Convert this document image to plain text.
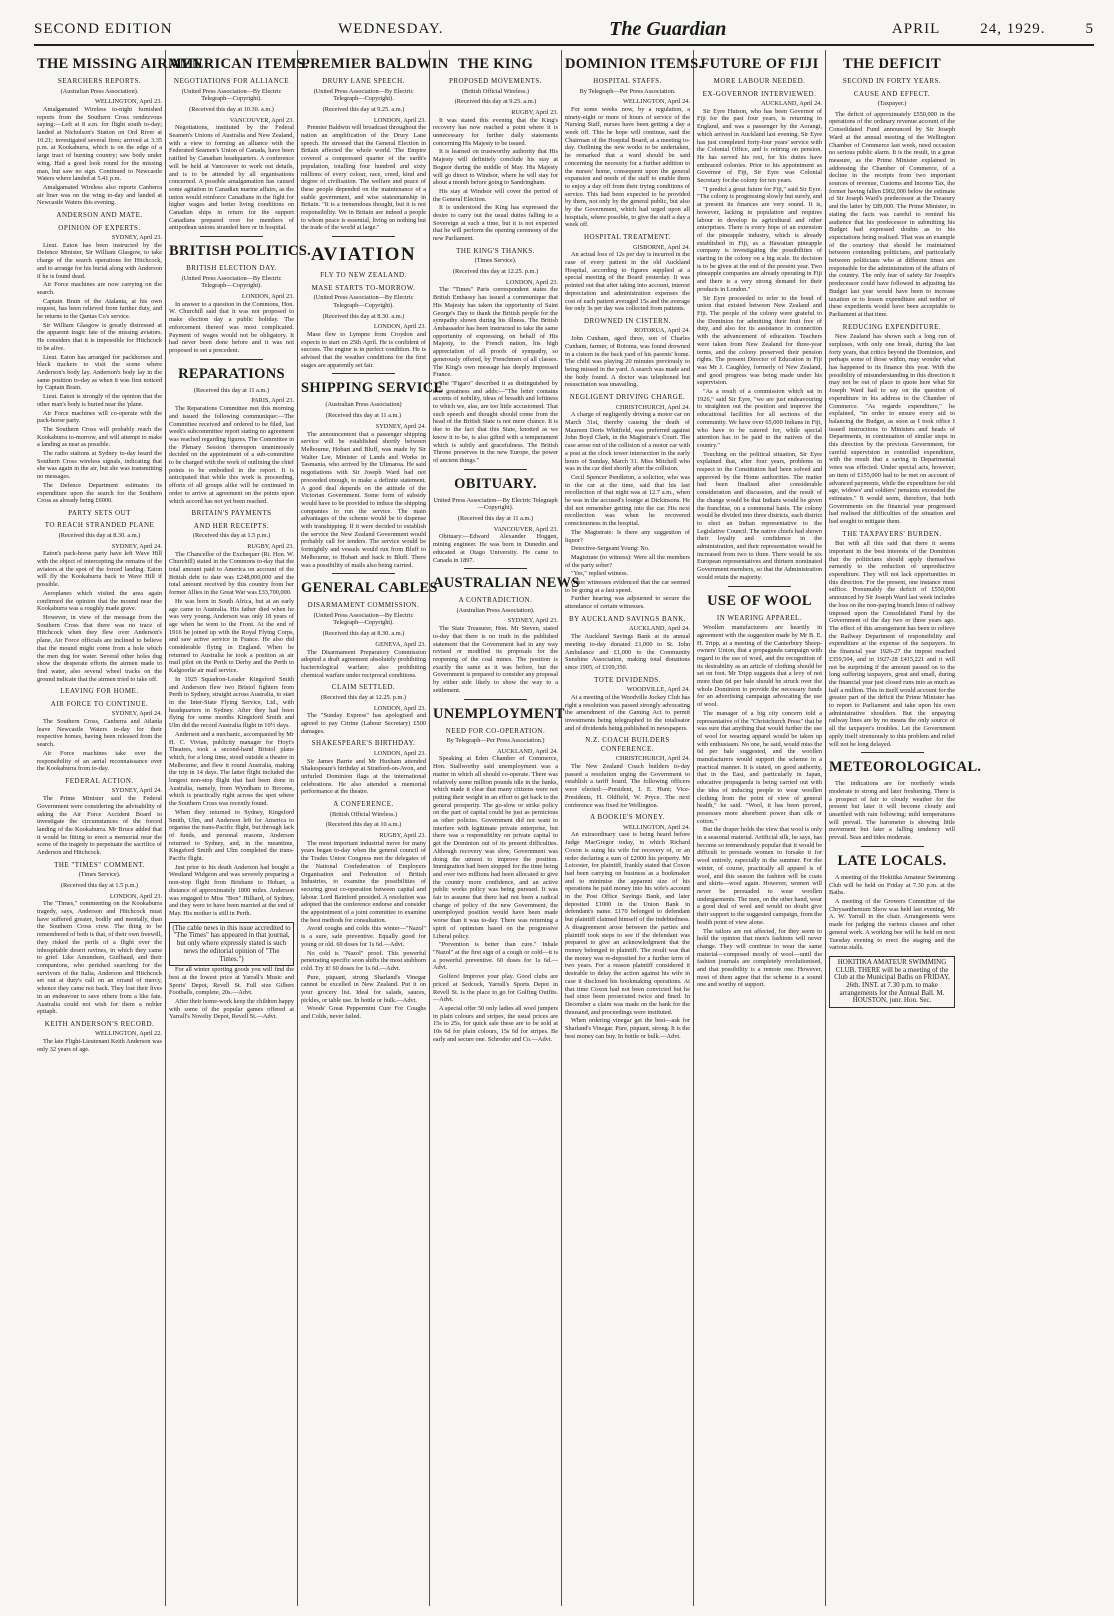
SECOND EDITION	WEDNESDAY.	The Guardian	APRIL	24, 1929.	5
THE MISSING AIRMEN
SEARCHERS REPORTS.
(Australian Press Association).
WELLINGTON, April 23.
Amalgamated Wireless to-night furnished reports from the Southern Cross rendezvous saying:—Left at 8 a.m. for flight south to-day; landed at Nicholson's Station on Ord River at 10.21; investigated several fires; arrived at 3.35 p.m. at Kookaburra, which is on the edge of a large tract of burning country; saw body under wing. Had a good look round for the missing man, but saw no sign. Continued to Newcastle Waters where landed at 5.41 p.m.
Amalgamated Wireless also reports Canberra air liner was on the wing to-day and landed at Newcastle Waters this evening.
ANDERSON AND MATE.
OPINION OF EXPERTS.
SYDNEY, April 23.
Lieut. Eaton has been instructed by the Defence Minister, Sir William Glasgow, to take charge of the search operations for Hitchcock, and to arrange for his burial along with Anderson if he is found dead.
Air Force machines are now carrying on the search.
Captain Brain of the Atalanta, at his own request, has been relieved from further duty, and he returns to the Qantas Co's service.
Sir William Glasgow is greatly distressed at the apparent tragic fate of the missing aviators. He considers that it is impossible for Hitchcock to be alive.
Lieut. Eaton has arranged for packhorses and black trackers to visit the scene where Anderson's body lay. Anderson's body lay in the same position to-day as when it was first noticed by Captain Brain.
Lieut. Eaton is strongly of the opinion that the other man's body is buried near the 'plane.
Air Force machines will co-operate with the pack-horse party.
The Southern Cross will probably reach the Kookaburra to-morrow, and will attempt to make a landing as near as possible.
The radio stations at Sydney to-day heard the Southern Cross wireless signals, indicating that she was again in the air, but she was transmitting no messages.
The Defence Department estimates its expenditure upon the search for the Southern Cross as already being £6000.
PARTY SETS OUT
TO REACH STRANDED PLANE
(Received this day at 8.30. a.m.)
SYDNEY, April 24.
Eaton's pack-horse party have left Wave Hill with the object of intercepting the remains of the aviators at the spot of the forced landing. Eaton will fly the Kookaburra back to Wave Hill if possible.
Aeroplanes which visited the area again confirmed the opinion that the mound near the Kookaburra was a roughly made grave.
However, in view of the message from the Southern Cross that there was no trace of Hitchcock when they flew over Anderson's plane, Air Force officials are inclined to believe that the mound might come from a hole which the men dug for water. Several other holes dug show the desperate efforts the airmen made to find water, also several wheel tracks on the ground indicate that the airmen tried to take off.
LEAVING FOR HOME.
AIR FORCE TO CONTINUE.
SYDNEY, April 24.
The Southern Cross, Canberra and Atlanta leave Newcastle Waters to-day for their respective homes, having been released from the search.
Air Force machines take over the responsibility of an aerial reconnaissance over the Kookaburra from to-day.
FEDERAL ACTION.
SYDNEY, April 24.
The Prime Minister said the Federal Government were considering the advisability of asking the Air Force Accident Board to investigate the circumstances of the forced landing of the Kookaburra. Mr Bruce added that it would be fitting to erect a memorial near the scene of the tragedy to perpetuate the sacrifice of Anderson and Hitchcock.
THE "TIMES" COMMENT.
(Times Service).
(Received this day at 1.5 p.m.)
LONDON, April 23.
The "Times," commenting on the Kookaburra tragedy, says, Anderson and Hitchcock must have suffered greater, bodily and mentally, than the Southern Cross crew. The thing to be remembered of both is that, of their own freewill, they risked the perils of a flight over the inhospitable desert ravines, in which they came to grief. Like Amundsen, Guilbaud, and their companions, who perished searching for the survivors of the Italia, Anderson and Hitchcock set out at duty's call on an errand of mercy, whence they came not back. They lost their lives in an endeavour to save others from a like fate. Australia could not wish for them a nobler epitaph.
KEITH ANDERSON'S RECORD.
WELLINGTON, April 22.
The late Flight-Lieutenant Keith Anderson was only 32 years of age.
AMERICAN ITEMS.
NEGOTIATIONS FOR ALLIANCE
(United Press Association—By Electric Telegraph—Copyright).
(Received this day at 10.30. a.m.)
VANCOUVER, April 23.
Negotiations, instituted by the Federal Seamen's Unions of Australia and New Zealand, with a view to forming an alliance with the Federated Seamen's Union of Canada, have been ratified by Canadian headquarters. A conference will be held at Vancouver to work out details, and is to be attended by all organisations concerned. A possible amalgamation has caused some agitation in Canadian marine affairs, as the union would reinforce Canadians in the fight for higher wages and better living conditions on Canadian ships in return for the support Canadians prepared over for members of antipodean unions stranded here or in hospital.
BRITISH POLITICS.
BRITISH ELECTION DAY.
(United Press Association—By Electric Telegraph—Copyright).
LONDON, April 23.
In answer to a question in the Commons, Hon. W. Churchill said that it was not proposed to make election day a public holiday. The enforcement thereof was most complicated. Payment of wages would not be obligatory. It had never been done before and it was not proposed to set a precedent.
REPARATIONS
(Received this day at 11 a.m.)
PARIS, April 23.
The Reparations Committee met this morning and issued the following communique:—The Committee received and ordered to be filed, last week's subcommittee report stating no agreement was reached regarding figures. The Committee in the Plenary Session thereupon unanimously decided on the appointment of a sub-committee to be charged with the work of outlining the chief points to be embodied in the report. It is anticipated that while this work is proceeding, efforts of all groups alike will be continued in order to arrive at agreement on the points upon which accord has not yet been reached.
BRITAIN'S PAYMENTS
AND HER RECEIPTS.
(Received this day at 1.5 p.m.)
RUGBY, April 23.
The Chancellor of the Exchequer (Rt. Hon. W. Churchill) stated in the Commons to-day that the total amount paid to America on account of the British debt to date was £248,000,000 and the total amount received by this country from her former Allies in the Great War was £33,700,000.
He was born in South Africa, but at an early age came to Australia. His father died when he was very young. Anderson was only 18 years of age when he went to the Front. At the end of 1916 he joined up with the Royal Flying Corps, and saw active service in France. He also did considerable flying in England. When he returned to Australia he took a position as air mail pilot on the Perth to Derby and the Perth to Kalgoorlie air mail service.
In 1925 Squadron-Leader Kingsford Smith and Anderson flew two Bristol fighters from Perth to Sydney, straight across Australia, to start in the Inter-State Flying Service, Ltd., with headquarters in Sydney. After they had been flying for some months Kingsford Smith and Ulm did the record Australia flight in 10½ days.
Anderson and a mechanic, accompanied by Mr H. C. Vivian, publicity manager for Hoyt's Theatres, took a second-hand Bristol plane which, for a long time, stood outside a theatre in Melbourne, and flew it round Australia, making the trip in 14 days. The latter flight included the longest non-stop flight that had been done in Australia, namely, from Wyndham to Broome, which is practically right across the spot where the Southern Cross was recently found.
When they returned to Sydney, Kingsford Smith, Ulm, and Anderson left for America to organise the trans-Pacific flight, but through lack of funds, and personal reasons, Anderson returned to Sydney, and, in the meantime, Kingsford Smith and Ulm completed the trans-Pacific flight.
Just prior to his death Anderson had bought a Westland Widgeon and was severely preparing a non-stop flight from Brisbane to Hobart, a distance of approximately 1800 miles. Anderson was engaged to Miss "Bon" Hilliard, of Sydney, and they were to have been married at the end of May. His mother is still in Perth.
(The cable news in this issue accredited to "The Times" has appeared in that journal, but only where expressly stated is such news the editorial opinion of "The Times.")
For all winter sporting goods you will find the best at the lowest price at Yarrall's Music and Sports' Depot, Revell St. Full size Gilbert Footballs, complete, 20s.—Advt.
After their home-work keep the children happy with some of the popular games offered at Yarrall's Novelty Depot, Revell St.—Advt.
PREMIER BALDWIN
DRURY LANE SPEECH.
(United Press Association—By Electric Telegraph—Copyright).
(Received this day at 9.25. a.m.)
LONDON, April 23.
Premier Baldwin will broadcast throughout the nation an amplification of the Drury Lane speech. He stressed that the General Election in Britain affected the whole world. The Empire covered a compressed quarter of the earth's population, totalling four hundred and sixty millions of every colour, race, creed, kind and degree of civilisation. The welfare and peace of these people depended on the maintenance of a stable government, and wise statesmanship in Britain. "It is a tremendous thought, but it is not responsibility. We in Britain are indeed a people to whom peace is essential, living on nothing but the trade of the world at large."
AVIATION
FLY TO NEW ZEALAND.
MASE STARTS TO-MORROW.
(United Press Association—By Electric Telegraph—Copyright).
(Received this day at 8.30. a.m.)
LONDON, April 23.
Mase flew to Lympne from Croydon and expects to start on 25th April. He is confident of success. The engine is in perfect condition. He is advised that the weather conditions for the first stages are apparently set fair.
SHIPPING SERVICE
(Australian Press Association)
(Received this day at 11 a.m.)
SYDNEY, April 24.
The announcement that a passenger shipping service will be established shortly between Melbourne, Hobart and Bluff, was made by Sir Walter Lee, Minister of Lands and Works in Tasmania, who arrived by the Ulimaroa. He said negotiations with Sir Joseph Ward had not proceeded enough, to make a definite statement. A good deal depends on the attitude of the Victorian Government. Some form of subsidy would have to be provided to induce the shipping companies to run the service. The main advantages of the scheme would be to dispense with transhipping. If it were decided to establish the service the New Zealand Government would probably call for tenders. The service would be fortnightly and vessels would run from Bluff to Melbourne, to Hobart and back to Bluff. There was a possibility of mails also being carried.
GENERAL CABLES
DISARMAMENT COMMISSION.
(United Press Association—By Electric Telegraph—Copyright).
(Received this day at 8.30. a.m.)
GENEVA, April 23.
The Disarmament Preparatory Commission adopted a draft agreement absolutely prohibiting bacteriological warfare; also prohibiting chemical warfare under reciprocal conditions.
CLAIM SETTLED.
(Received this day at 12.25. p.m.)
LONDON, April 23.
The "Sunday Express" has apologised and agreed to pay Citrine (Labour Secretary) £500 damages.
SHAKESPEARE'S BIRTHDAY.
LONDON, April 23.
Sir James Barrie and Mr Huxham attended Shakespeare's birthday at Stratford-on-Avon, and unfurled Dominion flags at the international celebrations. He also attended a memorial performance at the theatre.
A CONFERENCE.
(British Official Wireless.)
(Received this day at 10 a.m.)
RUGBY, April 23.
The most important industrial move for many years began to-day when the general council of the Trades Union Congress met the delegates of the National Confederation of Employers Organisation and Federation of British Industries, to examine the possibilities of securing great co-operation between capital and labour. Lord Bainford presided. A resolution was adopted that the conference endorse and consider the appointment of a joint committee to examine the best methods for consultation.
Avoid coughs and colds this winter—"Nazol" is a sure, safe preventive. Equally good for young or old. 60 doses for 1s 6d.—Advt.
No cold is "Nazol" proof. This powerful penetrating specific soon shifts the most stubborn cold. Try it! 60 doses for 1s 6d.—Advt.
Pure, piquant, strong Sharland's Vinegar cannot be excelled in New Zealand. Put it on your grocery list. Ideal for salads, sauces, pickles, or table use. In bottle or bulk.—Advt.
Woods' Great Peppermint Cure For Coughs and Colds, never failed.
THE KING
PROPOSED MOVEMENTS.
(British Official Wireless.)
(Received this day at 9.25. a.m.)
RUGBY, April 23.
It was stated this evening that the King's recovery has now reached a point where it is unnecessary for further daily statements concerning His Majesty to be issued.
It is learned on trustworthy authority that His Majesty will definitely conclude his stay at Bognor during the middle of May. His Majesty will go direct to Windsor, where he will stay for about a month before going to Sandringham.
His stay at Windsor will cover the period of the General Election.
It is understood the King has expressed the desire to carry out the usual duties falling to a Sovereign at such a time, but it is not expected that he will perform the opening ceremony of the new Parliament.
THE KING'S THANKS.
(Times Service).
(Received this day at 12.25. p.m.)
LONDON, April 23.
The "Times" Paris correspondent states the British Embassy has issued a communique that His Majesty has taken the opportunity of Saint George's Day to thank the British people for the sympathy shown during his illness. The British Ambassador has been instructed to take the same opportunity of expressing, on behalf of His Majesty, to the French nation, his high appreciation of all proofs of sympathy, so generously offered, by Frenchmen of all classes. The King's own message has deeply impressed France.
The "Figaro" described it as distinguished by true greatness and adds:—"The letter contains accents of nobility, ideas of breadth and loftiness to which we, alas, are too little accustomed. That such speech and thought should come from the head of the British State is not mere chance. It is due to the fact that this State, knotted as we know it to be, is also gifted with a temperament which is subtly and gracefulness. The British Throne preserves in the new Europe, the power of ancient things."
OBITUARY.
United Press Association—By Electric Telegraph—Copyright).
(Received this day at 11 a.m.)
VANCOUVER, April 23.
Obituary:—Edward Alexander Hoggen, mining engineer. He was born in Dunedin and educated at Otago University. He came to Canada in 1897.
AUSTRALIAN NEWS
A CONTRADICTION.
(Australian Press Association).
SYDNEY, April 23.
The State Treasurer, Hon. Mr Steven, stated to-day that there is no truth in the published statement that the Government had in any way revised or modified its proposals for the reopening of the coal mines. The position is exactly the same as it was before, but the Government is prepared to consider any proposal by either side likely to show the way to a settlement.
UNEMPLOYMENT
NEED FOR CO-OPERATION.
By Telegraph—Per Press Association.)
AUCKLAND, April 24.
Speaking at Eden Chamber of Commerce, Hon. Stallworthy said unemployment was a matter in which all should co-operate. There was relatively some million pounds idle in the banks, which made it clear that many citizens were not putting their weight in an effort to get back to the general prosperity. The go-slow or strike policy on the part of capital could be just as pernicious as other policies. Government did not want to interfere with legitimate private enterprise, but there was a responsibility on private capital to get the Dominion out of its present difficulties. Although recovery was slow, Government was doing the utmost to improve the position. Immigration had been stopped for the time being and over two millions had been allocated to give the country more confidence, and an active public works policy was being pursued. It was fair to assume that there had not been a radical change of policy of the new Government, the unemployed position would have been made worse than it was to-day. There was returning a spirit of optimism based on the progressive Liberal policy.
"Prevention is better than cure." Inhale "Nazol" at the first sign of a cough or cold—it is a powerful preventive. 60 doses for 1s 6d.—Advt.
Golfers! Improve your play. Good clubs are priced at Sedcock, Yarrall's Sports Depot in Revell St. is the place to go for Golfing Outfits.—Advt.
A special offer 50 only ladies all wool jumpers in plain colours and stripes, the usual prices are 15s to 25s, for quick sale these are to be sold at 10s 6d for plain colours, 15s 6d for stripes. Be early and secure one. Schroder and Co.—Advt.
DOMINION ITEMS.
HOSPITAL STAFFS.
By Telegraph—Per Press Association.
WELLINGTON, April 24.
For some weeks now, by a regulation, a ninety-eight or more of hours of service of the Nursing Staff, nurses have been getting a day a week off. This he hope will continue, said the Chairman of the Hospital Board, at a meeting to-day. Outlining the new works to be undertaken, he remarked that a ward should be said concerning the necessity for a further addition to the nurses' home, consequent upon the general expansion and needs of the staff to enable them to enjoy a day off from their trying conditions of service. This had been expected to be provided by them, not only by the general public, but also by the Government, which had urged upon all hospitals, where possible, to give the staff a day a week off.
HOSPITAL TREATMENT.
GISBORNE, April 24.
An actual loss of 12s per day is incurred in the case of every patient in the old Auckland Hospital, according to figures supplied at a special meeting of the Board yesterday. It was pointed out that after taking into account, interest depreciation and administration expenses the cost of each patient averaged 15s and the average fee only 3s per day was collected from patients.
DROWNED IN CISTERN.
ROTORUA, April 24.
John Cunham, aged three, son of Charles Cunham, farmer, of Rotoma, was found drowned in a cistern in the back yard of his parents' home. The child was playing 20 minutes previously to being missed in the yard. A search was made and the body found. A doctor was telephoned but resuscitation was unavailing.
NEGLIGENT DRIVING CHARGE.
CHRISTCHURCH, April 24.
A charge of negligently driving a motor car on March 31st, thereby causing the death of Maureen Doris Whitfield, was preferred against John Boyd Clark, in the Magistrate's Court. The case arose out of the collision of a motor car with a post at the clock tower intersection in the early hours of Sunday, March 31. Miss Mitchell who was in the car died shortly after the collision.
Cecil Spencer Pendleton, a solicitor, who was in the car at the time, said that his last recollection of that night was at 12.7 a.m., when he was in the accused's lounge at Dickinsons. He did not remember getting into the car. His next recollection was when he recovered consciousness in the hospital.
The Magistrate: Is there any suggestion of liquor?
Detective-Sergeant Young: No.
Magistrate (to witness): Were all the members of the party sober?
"Yes," replied witness.
Other witnesses evidenced that the car seemed to be going at a fast speed.
Further hearing was adjourned to secure the attendance of certain witnesses.
BY AUCKLAND SAVINGS BANK.
AUCKLAND, April 24.
The Auckland Savings Bank at its annual meeting to-day donated £1,000 to St. John Ambulance and £1,000 to the Community Sunshine Association, making total donations since 1905, of £109,350.
TOTE DIVIDENDS.
WOODVILLE, April 24.
At a meeting of the Woodville Jockey Club has right a resolution was passed strongly advocating the amendment of the Gaming Act to permit investments being telegraphed to the totalisator and of dividends being published in newspapers.
N.Z. COACH BUILDERS CONFERENCE.
CHRISTCHURCH, April 24.
The New Zealand Coach builders to-day passed a resolution urging the Government to establish a tariff board. The following officers were elected:—President, J. E. Hunt; Vice-Presidents, H. Oldfield, W. Pryce. The next conference was fixed for Wellington.
A BOOKIE'S MONEY.
WELLINGTON, April 24.
An extraordinary case is being heard before Judge MacGregor today, in which Richard Coxon is suing his wife for recovery of, or an order declaring a sum of £2000 his property. Mr Leicester, for plaintiff, frankly stated that Coxon had been carrying on business as a bookmaker and to minimise the apparent size of his operations he paid money into his wife's account in the Post Office Savings Bank, and later deposited £1000 in the Union Bank in defendant's name. £170 belonged to defendant but plaintiff claimed himself of the indebtedness. A disagreement arose between the parties and plaintiff took steps to see if the defendant was prepared to give an acknowledgment that the money belonged to plaintiff. The result was that the money was re-deposited for a further term of two years. For a reason plaintiff considered it desirable to delay the action against his wife in case it disclosed his bookmaking operations. At that time Coxon had not been convicted but he had since been prosecuted twice and fined. In December a claim was made on the bank for the thousand, and proceedings were instituted.
When ordering vinegar get the best—ask for Sharland's Vinegar. Pure, piquant, strong. It is the best money can buy. In bottle or bulk.—Advt.
FUTURE OF FIJI
MORE LABOUR NEEDED.
EX-GOVERNOR INTERVIEWED.
AUCKLAND, April 24.
Sir Eyre Hutson, who has been Governor of Fiji for the past four years, is returning to England, and was a passenger by the Aorangi, which arrived in Auckland last evening. Sir Eyre has just completed forty-four years' service with the Colonial Office, and is retiring on pension. He has served his rest, for his duties have embraced colonies. Prior to his appointment as Governor of Fiji, Sir Eyre was Colonial Secretary for the colony for ten years.
"I predict a great future for Fiji," said Sir Eyre. "The colony is progressing slowly but surely, and at present its finances are very sound. It is, however, lacking in population and requires labour to develop its agricultural and other enterprises. There is every hope of an extension of the pineapple industry, which is already established in Fiji, as a Hawaiian pineapple company is investigating the possibilities of starting in the colony on a big scale. Its decision is to be given at the end of the present year. Two pineapple companies are already operating in Fiji and there is a very strong demand for their products in London."
Sir Eyre proceeded to refer to the bond of union that existed between New Zealand and Fiji. The people of the colony were grateful to the Dominion for admitting their fruit free of duty, and also for its assistance in connection with the advancement of education. Teachers were taken from New Zealand for three-year terms, and the colony preserved their pension rights. The present Director of Education in Fiji was Mr J. Caughley, formerly of New Zealand, and good progress was being made under his supervision.
"As a result of a commission which sat in 1926," said Sir Eyre, "we are just endeavouring to straighten out the position and improve the educational facilities for all sections of the community. We have over 65,000 Indians in Fiji, who have to be catered for, while special attention has to be paid to the natives of the country."
Touching on the political situation, Sir Eyre explained that, after four years, problems in respect to the Constitution had been solved and approved by the Home authorities. The matter had been finalised after considerable consideration and discussion, and the result of the change would be that Indians would be given the franchise, on a communal basis. The colony would be divided into three districts, each district to elect an Indian representative to the Legislative Council. The native chiefs had shown their loyalty and confidence in the administration, and their representation would be increased from two to three. There would be six European representatives and thirteen nominated Government members, so that the Administration would retain the majority.
USE OF WOOL
IN WEARING APPAREL.
Woollen manufacturers are heartily in agreement with the suggestion made by Mr B. E. H. Tripp, at a meeting of the Canterbury Sheep-owners' Union, that a propaganda campaign with regard to the use of wool, and the recognition of its desirability as an article of clothing should be set on foot. Mr Tripp suggests that a levy of not more than 6d per bale should be struck over the whole Dominion to provide the necessary funds for an advertising campaign advocating the use of wool.
The manager of a big city concern told a representative of the "Christchurch Press" that he was sure that anything that would further the use of wool for wearing apparel would be taken up with enthusiasm. No one, he said, would miss the 6d per bale suggested, and the woollen manufacturers would support the scheme in a practical manner. It is stated, on good authority, that in the East, and particularly in Japan, educative propaganda is being carried out with the idea of inducing people to wear woollen clothing from the point of view of general health," he said. "Wool, it has been proved, possesses more absorbent power than silk or cotton."
But the draper holds the view that wool is only in a seasonal material. Artificial silk, he says, has become so tremendously popular that it would be difficult to persuade women to forsake it for wool entirely, especially in the summer. For the winter, of course, practically all apparel is of wool, and this season the fashion will be coats and skirts—wool again. However, women will never be persuaded to wear woollen undergarments. The men, on the other hand, wear a good deal of wool and would no doubt give their support to the suggested campaign, from the health point of view alone.
The tailors are not affected, for they seem to hold the opinion that men's fashions will never change. They will continue to wear the same material—composed mostly of wool—until the fashion journals are completely revolutionised, and that possibility is a remote one. However, most of them agree that the scheme is a sound one and worthy of support.
THE DEFICIT
SECOND IN FORTY YEARS.
CAUSE AND EFFECT.
(Taxpayer.)
The deficit of approximately £550,000 in the operations of the ordinary revenue account of the Consolidated Fund announced by Sir Joseph Ward at the annual meeting of the Wellington Chamber of Commerce last week, need occasion no serious public alarm. It is the result, in a great measure, as the Prime Minister explained in addressing the Chamber of Commerce, of a decline in the receipts from two important sources of revenue, Customs and Income Tax, the former having fallen £902,000 below the estimate of Sir Joseph Ward's predecessor at the Treasury and the latter by £89,000. The Prime Minister, in stating the facts was careful to remind his audience that his predecessor in submitting his Budget had expressed doubts as to his expectations being realised. That was an example of the courtesy that should be maintained between contending politicians, and particularly between politicians who at different times are responsible for the administration of the affairs of the country. The only fear of safety Sir Joseph's predecessor could have followed in adjusting his Budget last year would have been to increase taxation or to lessen expenditure and neither of these expedients would have been acceptable to Parliament at that time.
REDUCING EXPENDITURE.
New Zealand has shown such a long run of surpluses, with only one break, during the last forty years, that critics beyond the Dominion, and perhaps some of those within, may wonder what has happened to its finance this year. With the possibility of misunderstanding in this direction it may not be out of place to quote here what Sir Joseph Ward had to say on the question of expenditure in his address to the Chamber of Commerce. "As regards expenditure," he explained, "in order to ensure every aid to balancing the Budget, as soon as I took office I issued instructions to Ministers and heads of Departments, in continuation of similar steps in this direction by the previous Government, for careful supervision in controlled expenditure, with the result that a saving in Departmental votes was effected. Under special acts, however, an item of £155,000 had to be met on account of advanced payments, while the expenditure for old age, widows' and soldiers' pensions exceeded the estimates." It would seem, therefore, that both Governments on the financial year progressed had realised the difficulties of the situation and had sought to mitigate them.
THE TAXPAYERS' BURDEN.
But with all this said that there it seems important in the best interests of the Dominion that the politicians should apply themselves earnestly to the reduction of unproductive expenditure. They will not lack opportunities in this direction. For the present, one instance must suffice. Presumably the deficit of £550,000 announced by Sir Joseph Ward last week includes the loss on the non-paying branch lines of railway imposed upon the Consolidated Fund by the Government of the day two or three years ago. The effect of this arrangement has been to relieve the Railway Department of responsibility and expenditure at the expense of the taxpayers. In the financial year 1926-27 the impost reached £359,504, and in 1927-28 £415,221 and it will not be surprising if the amount passed on to the long suffering taxpayers, great and small, during the financial year just closed runs into as much as half a million. This in itself would account for the greater part of the deficit the Prime Minister has to report to Parliament and take upon his own administrative shoulders. But the unpaying railway lines are by no means the only source of all the taxpayer's troubles. Let the Government apply itself strenuously to this problem and relief will not be long delayed.
METEOROLOGICAL.
The indications are for northerly winds moderate to strong and later freshening. There is a prospect of fair to cloudy weather for the present but later it will become cloudy and unsettled with rain following; mild temperatures will prevail. The barometer is showing little movement but later a falling tendency will prevail. Seas and tides moderate.
LATE LOCALS.
A meeting of the Hokitika Amateur Swimming Club will be held on Friday at 7.30 p.m. at the Baths.
A meeting of the Growers Committee of the Chrysanthemum Show was held last evening, Mr A. W. Yarrall in the chair. Arrangements were made for judging the various classes and other general work. A working bee will be held on next Tuesday evening to erect the staging and the various stalls.
HOKITIKA AMATEUR SWIMMING CLUB. THERE will be a meeting of the Club at the Municipal Baths on FRIDAY, 26th. INST. at 7.30 p.m. to make arrangements for the Annual Ball. M. HOUSTON, junr. Hon. Sec.
